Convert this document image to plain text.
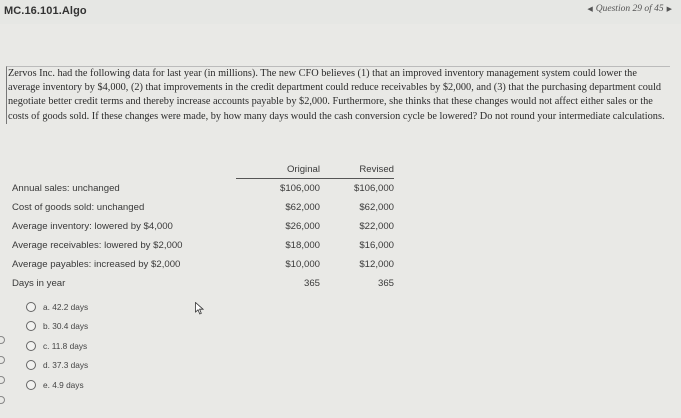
MC.16.101.Algo	◀ Question 29 of 45 ▶
Zervos Inc. had the following data for last year (in millions). The new CFO believes (1) that an improved inventory management system could lower the average inventory by $4,000, (2) that improvements in the credit department could reduce receivables by $2,000, and (3) that the purchasing department could negotiate better credit terms and thereby increase accounts payable by $2,000. Furthermore, she thinks that these changes would not affect either sales or the costs of goods sold. If these changes were made, by how many days would the cash conversion cycle be lowered? Do not round your intermediate calculations.
	Original	Revised
Annual sales: unchanged	$106,000	$106,000
Cost of goods sold: unchanged	$62,000	$62,000
Average inventory: lowered by $4,000	$26,000	$22,000
Average receivables: lowered by $2,000	$18,000	$16,000
Average payables: increased by $2,000	$10,000	$12,000
Days in year	365	365
a. 42.2 days
b. 30.4 days
c. 11.8 days
d. 37.3 days
e. 4.9 days
